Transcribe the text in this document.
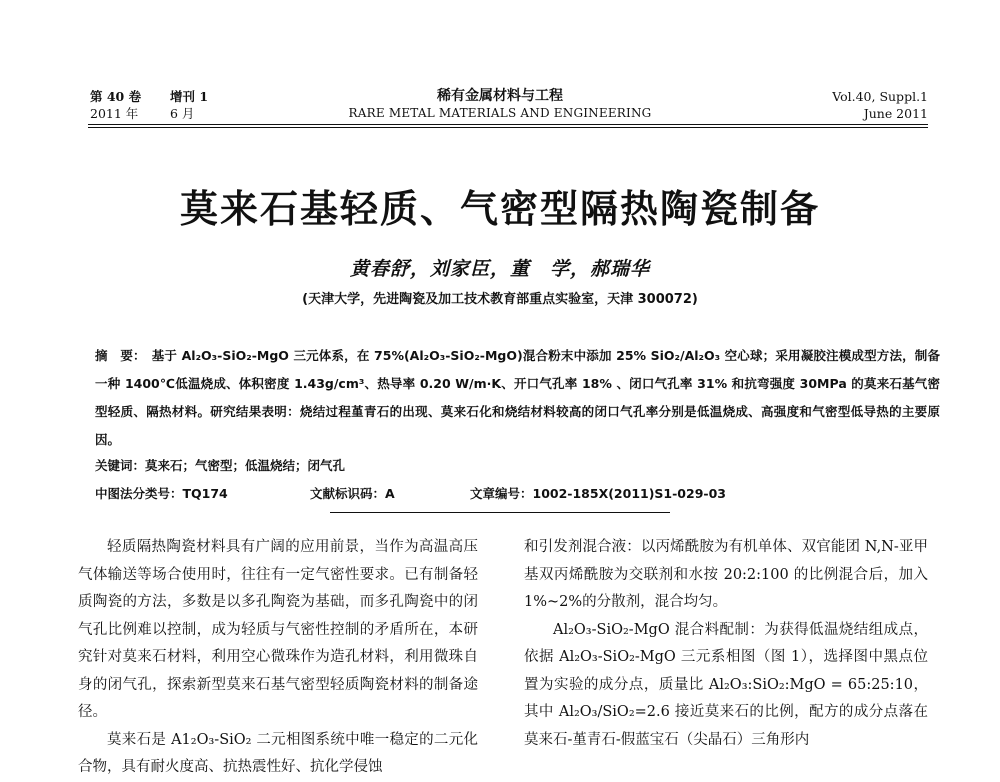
第 40 卷 增刊 1
2011 年	6 月
稀有金属材料与工程
RARE METAL MATERIALS AND ENGINEERING
Vol.40, Suppl.1
June 2011
莫来石基轻质、气密型隔热陶瓷制备
黄春舒，刘家臣，董　学，郝瑞华
(天津大学，先进陶瓷及加工技术教育部重点实验室，天津 300072)
摘　要： 基于 Al₂O₃-SiO₂-MgO 三元体系，在 75%(Al₂O₃-SiO₂-MgO)混合粉末中添加 25% SiO₂/Al₂O₃ 空心球；采用凝胶注模成型方法，制备一种 1400℃低温烧成、体积密度 1.43g/cm³、热导率 0.20 W/m·K、开口气孔率 18% 、闭口气孔率 31% 和抗弯强度 30MPa 的莫来石基气密型轻质、隔热材料。研究结果表明：烧结过程堇青石的出现、莫来石化和烧结材料较高的闭口气孔率分别是低温烧成、高强度和气密型低导热的主要原因。
关键词：莫来石；气密型；低温烧结；闭气孔
中图法分类号：TQ174	文献标识码：A	文章编号：1002-185X(2011)S1-029-03

轻质隔热陶瓷材料具有广阔的应用前景，当作为高温高压气体输送等场合使用时，往往有一定气密性要求。已有制备轻质陶瓷的方法，多数是以多孔陶瓷为基础，而多孔陶瓷中的闭气孔比例难以控制，成为轻质与气密性控制的矛盾所在，本研究针对莫来石材料，利用空心微珠作为造孔材料，利用微珠自身的闭气孔，探索新型莫来石基气密型轻质陶瓷材料的制备途径。

莫来石是 A1₂O₃-SiO₂ 二元相图系统中唯一稳定的二元化合物，具有耐火度高、抗热震性好、抗化学侵蚀

和引发剂混合液：以丙烯酰胺为有机单体、双官能团 N,N-亚甲基双丙烯酰胺为交联剂和水按 20:2:100 的比例混合后，加入 1%~2%的分散剂，混合均匀。

Al₂O₃-SiO₂-MgO 混合料配制：为获得低温烧结组成点，依据 Al₂O₃-SiO₂-MgO 三元系相图（图 1），选择图中黑点位置为实验的成分点，质量比 Al₂O₃:SiO₂:MgO = 65:25:10，其中 Al₂O₃/SiO₂=2.6 接近莫来石的比例，配方的成分点落在莫来石-堇青石-假蓝宝石（尖晶石）三角形内
